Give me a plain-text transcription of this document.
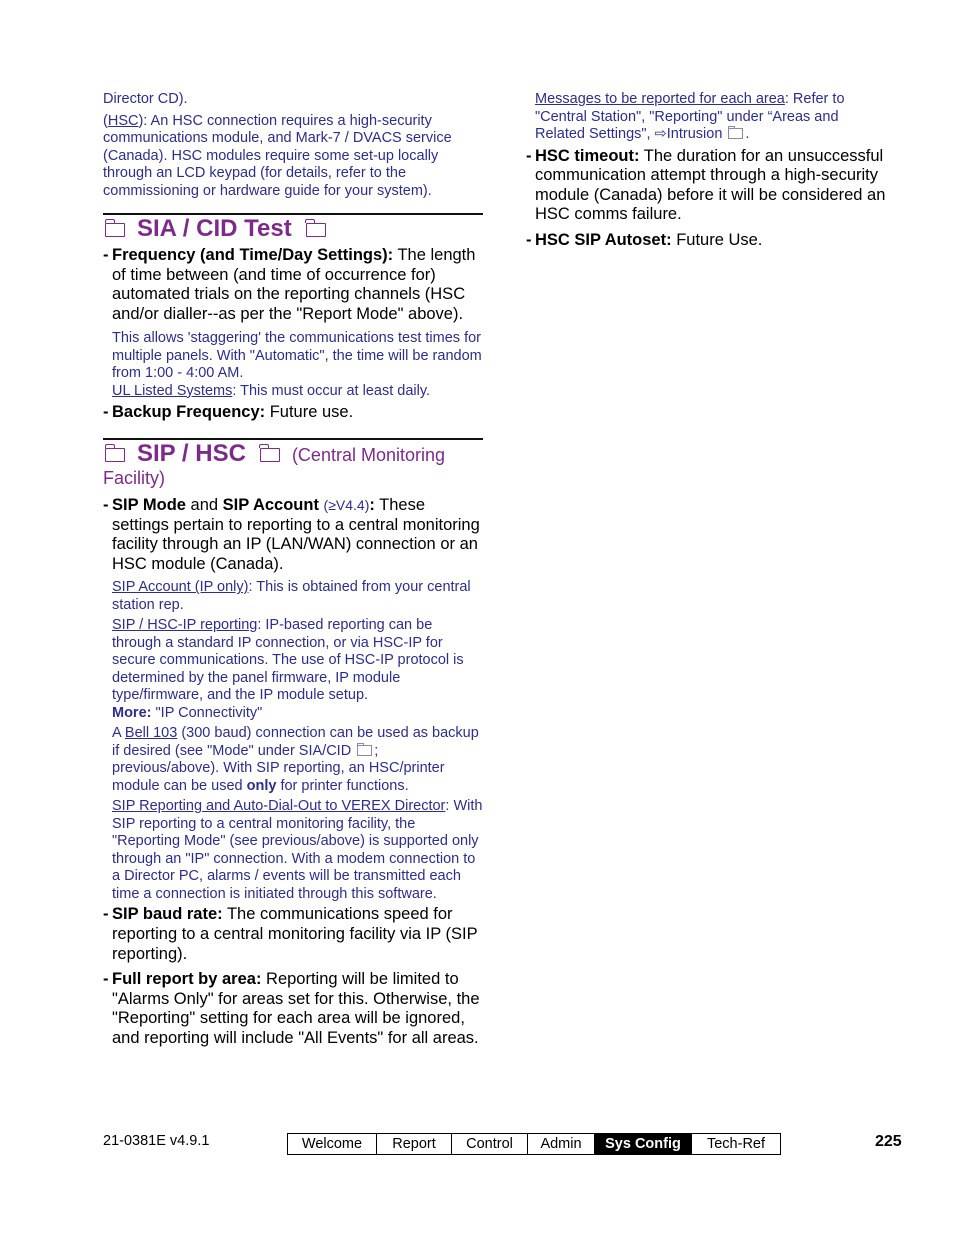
Director CD).

(HSC): An HSC connection requires a high-security communications module, and Mark-7 / DVACS service (Canada). HSC modules require some set-up locally through an LCD keypad (for details, refer to the commissioning or hardware guide for your system).

SIA / CID Test

- Frequency (and Time/Day Settings): The length of time between (and time of occurrence for) automated trials on the reporting channels (HSC and/or dialler--as per the "Report Mode" above).

This allows 'staggering' the communications test times for multiple panels. With "Automatic", the time will be random from 1:00 - 4:00 AM.

UL Listed Systems: This must occur at least daily.

- Backup Frequency: Future use.

SIP / HSC	(Central Monitoring
Facility)

- SIP Mode and SIP Account (≥V4.4): These settings pertain to reporting to a central monitoring facility through an IP (LAN/WAN) connection or an HSC module (Canada).

SIP Account (IP only): This is obtained from your central station rep.

SIP / HSC-IP reporting: IP-based reporting can be through a standard IP connection, or via HSC-IP for secure communications. The use of HSC-IP protocol is determined by the panel firmware, IP module type/firmware, and the IP module setup.

More: "IP Connectivity"

A Bell 103 (300 baud) connection can be used as backup if desired (see "Mode" under SIA/CID ; previous/above). With SIP reporting, an HSC/printer module can be used only for printer functions.

SIP Reporting and Auto-Dial-Out to VEREX Director: With SIP reporting to a central monitoring facility, the "Reporting Mode" (see previous/above) is supported only through an "IP" connection. With a modem connection to a Director PC, alarms / events will be transmitted each time a connection is initiated through this software.

- SIP baud rate: The communications speed for reporting to a central monitoring facility via IP (SIP reporting).

- Full report by area: Reporting will be limited to "Alarms Only" for areas set for this. Otherwise, the "Reporting" setting for each area will be ignored, and reporting will include "All Events" for all areas.

Messages to be reported for each area: Refer to "Central Station", "Reporting" under “Areas and Related Settings", ⇨Intrusion .

- HSC timeout: The duration for an unsuccessful communication attempt through a high-security module (Canada) before it will be considered an HSC comms failure.

- HSC SIP Autoset: Future Use.

21-0381E v4.9.1	Welcome	Report	Control	Admin	Sys Config	Tech-Ref	225
